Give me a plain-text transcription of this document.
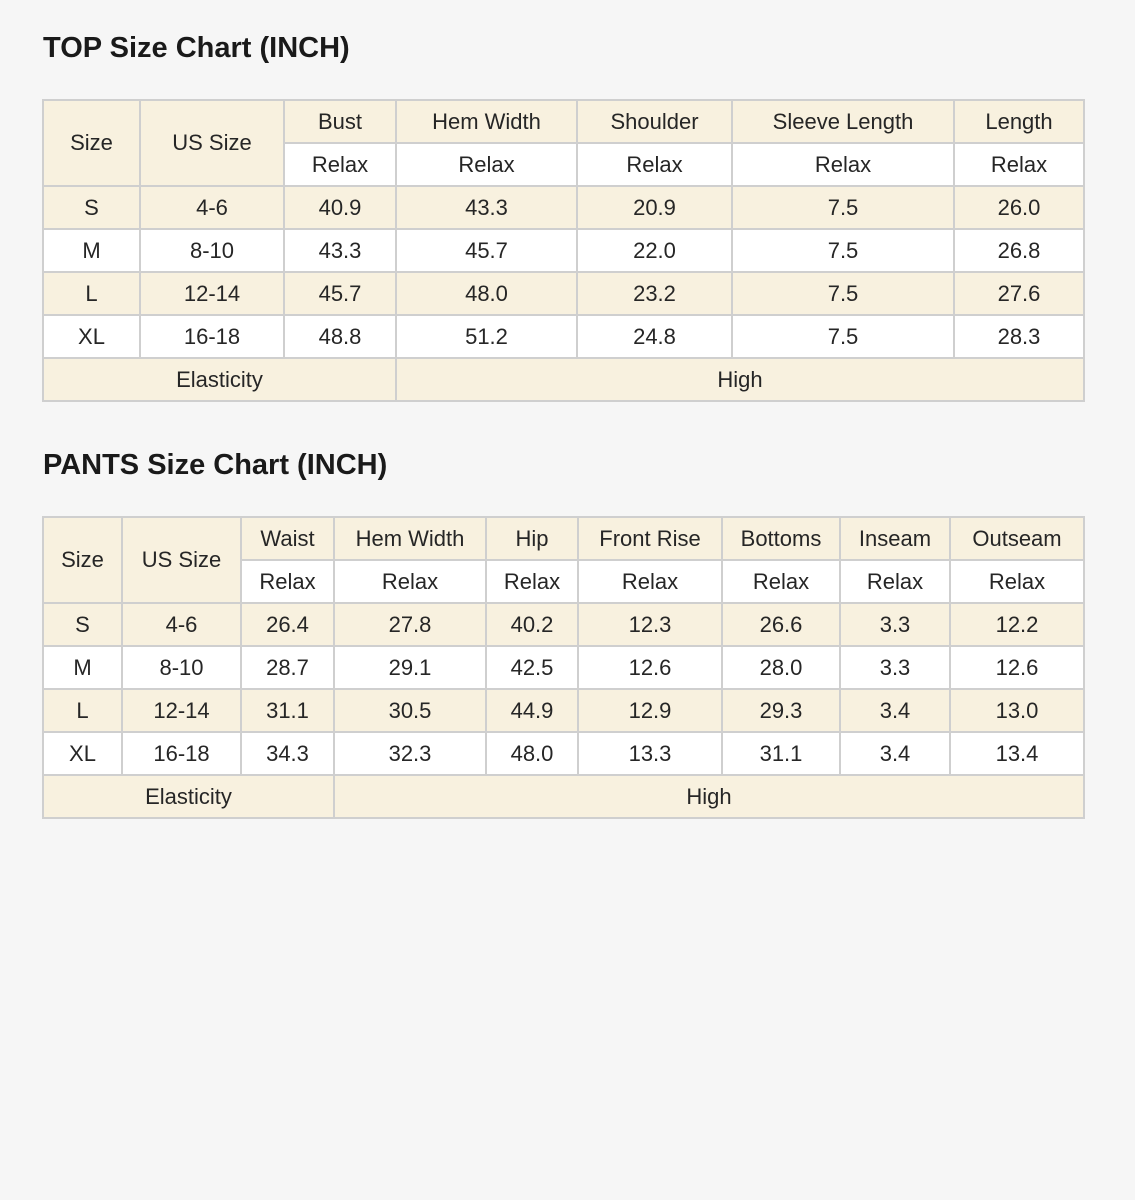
TOP Size Chart (INCH)
Size	US Size	Bust	Hem Width	Shoulder	Sleeve Length	Length
		Relax	Relax	Relax	Relax	Relax
S	4-6	40.9	43.3	20.9	7.5	26.0
M	8-10	43.3	45.7	22.0	7.5	26.8
L	12-14	45.7	48.0	23.2	7.5	27.6
XL	16-18	48.8	51.2	24.8	7.5	28.3
Elasticity			High			
PANTS Size Chart (INCH)
Size	US Size	Waist	Hem Width	Hip	Front Rise	Bottoms	Inseam	Outseam
		Relax	Relax	Relax	Relax	Relax	Relax	Relax
S	4-6	26.4	27.8	40.2	12.3	26.6	3.3	12.2
M	8-10	28.7	29.1	42.5	12.6	28.0	3.3	12.6
L	12-14	31.1	30.5	44.9	12.9	29.3	3.4	13.0
XL	16-18	34.3	32.3	48.0	13.3	31.1	3.4	13.4
Elasticity			High					
